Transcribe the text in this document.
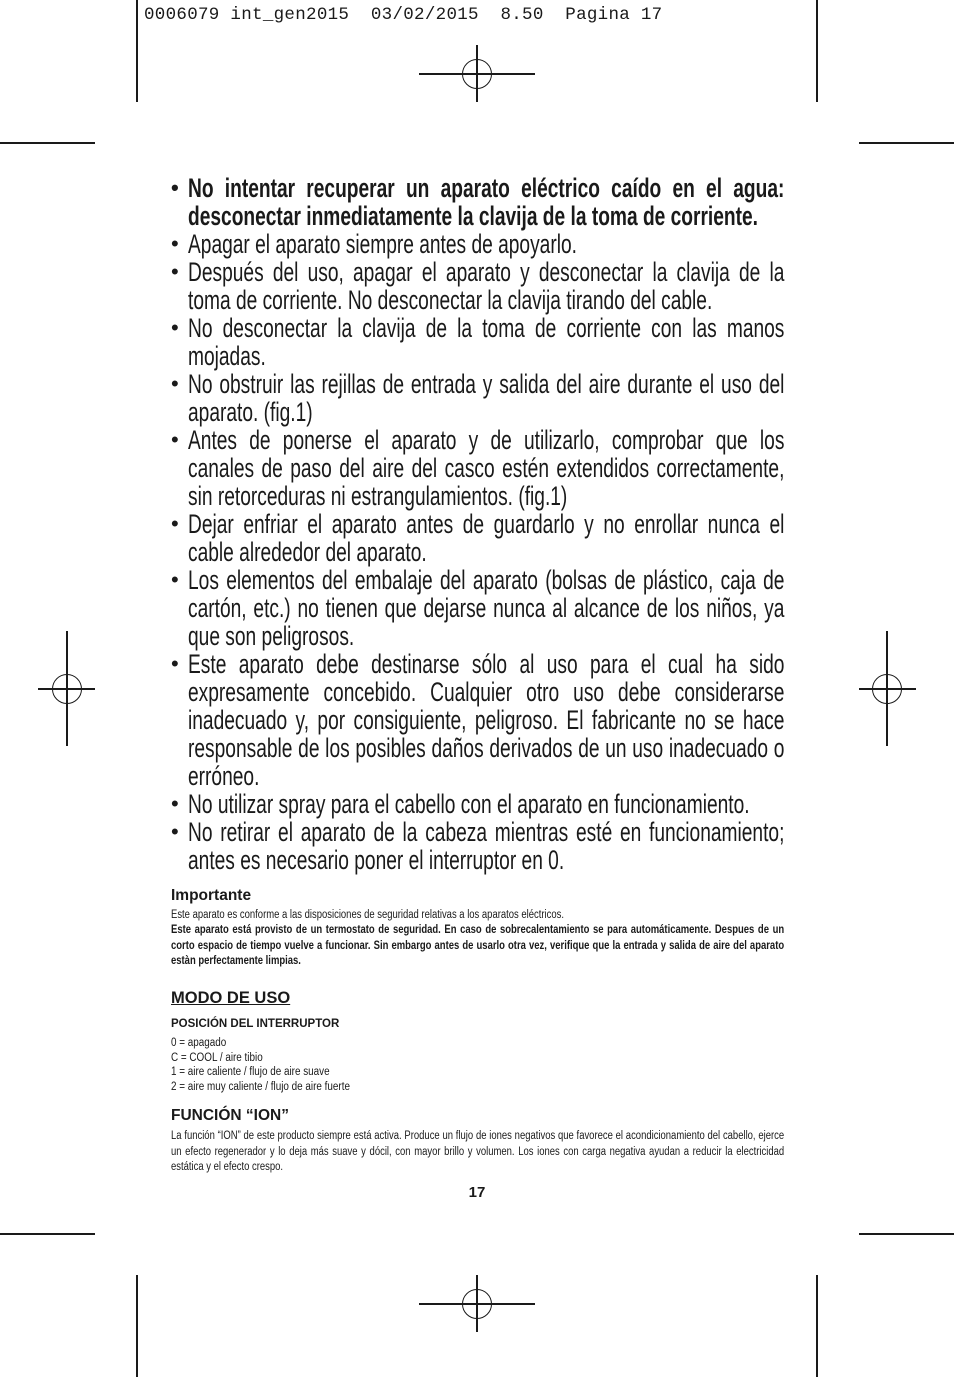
0006079 int_gen2015  03/02/2015  8.50  Pagina 17
• No intentar recuperar un aparato eléctrico caído en el agua: desconectar inmediatamente la clavija de la toma de corriente.
• Apagar el aparato siempre antes de apoyarlo.
• Después del uso, apagar el aparato y desconectar la clavija de la toma de corriente. No desconectar la clavija tirando del cable.
• No desconectar la clavija de la toma de corriente con las manos mojadas.
• No obstruir las rejillas de entrada y salida del aire durante el uso del aparato. (fig.1)
• Antes de ponerse el aparato y de utilizarlo, comprobar que los canales de paso del aire del casco estén extendidos correctamente, sin retorceduras ni estrangulamientos. (fig.1)
• Dejar enfriar el aparato antes de guardarlo y no enrollar nunca el cable alrededor del aparato.
• Los elementos del embalaje del aparato (bolsas de plástico, caja de cartón, etc.) no tienen que dejarse nunca al alcance de los niños, ya que son peligrosos.
• Este aparato debe destinarse sólo al uso para el cual ha sido expresamente concebido. Cualquier otro uso debe considerarse inadecuado y, por consiguiente, peligroso. El fabricante no se hace responsable de los posibles daños derivados de un uso inadecuado o erróneo.
• No utilizar spray para el cabello con el aparato en funcionamiento.
• No retirar el aparato de la cabeza mientras esté en funcionamiento; antes es necesario poner el interruptor en 0.
Importante
Este aparato es conforme a las disposiciones de seguridad relativas a los aparatos eléctricos.
Este aparato está provisto de un termostato de seguridad. En caso de sobrecalentamiento se para automáticamente. Despues de un corto espacio de tiempo vuelve a funcionar. Sin embargo antes de usarlo otra vez, verifique que la entrada y salida de aire del aparato estàn perfectamente limpias.
MODO DE USO
POSICIÓN DEL INTERRUPTOR
0 = apagado
C = COOL / aire tibio
1 = aire caliente / flujo de aire suave
2 = aire muy caliente / flujo de aire fuerte
FUNCIÓN “ION”
La función “ION” de este producto siempre está activa. Produce un flujo de iones negativos que favorece el acondicionamiento del cabello, ejerce un efecto regenerador y lo deja más suave y dócil, con mayor brillo y volumen. Los iones con carga negativa ayudan a reducir la electricidad estática y el efecto crespo.
17
